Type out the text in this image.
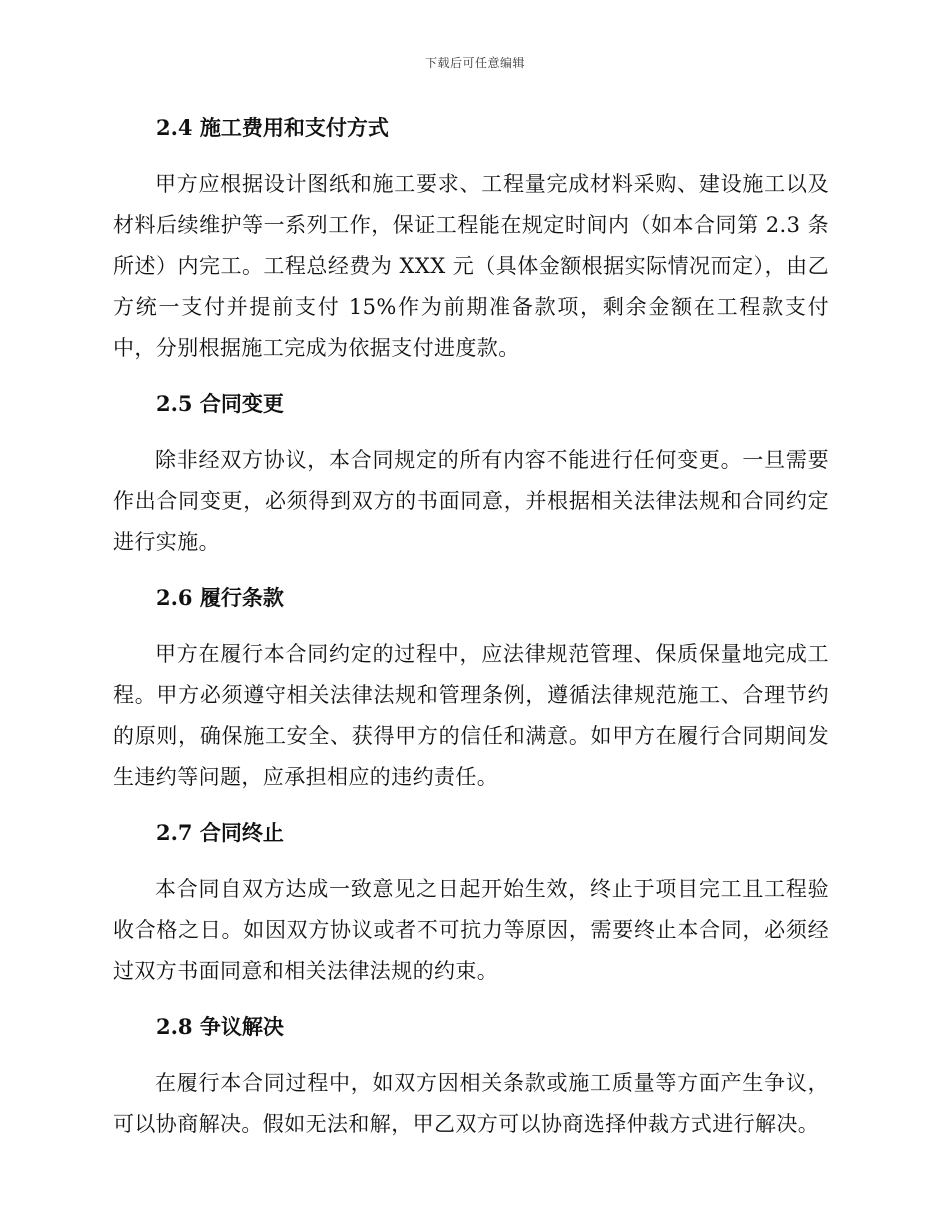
下载后可任意编辑
2.4 施工费用和支付方式

甲方应根据设计图纸和施工要求、工程量完成材料采购、建设施工以及材料后续维护等一系列工作，保证工程能在规定时间内（如本合同第 2.3 条所述）内完工。工程总经费为 XXX 元（具体金额根据实际情况而定），由乙方统一支付并提前支付 15%作为前期准备款项，剩余金额在工程款支付中，分别根据施工完成为依据支付进度款。

2.5 合同变更

除非经双方协议，本合同规定的所有内容不能进行任何变更。一旦需要作出合同变更，必须得到双方的书面同意，并根据相关法律法规和合同约定进行实施。

2.6 履行条款

甲方在履行本合同约定的过程中，应法律规范管理、保质保量地完成工程。甲方必须遵守相关法律法规和管理条例，遵循法律规范施工、合理节约的原则，确保施工安全、获得甲方的信任和满意。如甲方在履行合同期间发生违约等问题，应承担相应的违约责任。

2.7 合同终止

本合同自双方达成一致意见之日起开始生效，终止于项目完工且工程验收合格之日。如因双方协议或者不可抗力等原因，需要终止本合同，必须经过双方书面同意和相关法律法规的约束。

2.8 争议解决

在履行本合同过程中，如双方因相关条款或施工质量等方面产生争议，可以协商解决。假如无法和解，甲乙双方可以协商选择仲裁方式进行解决。
